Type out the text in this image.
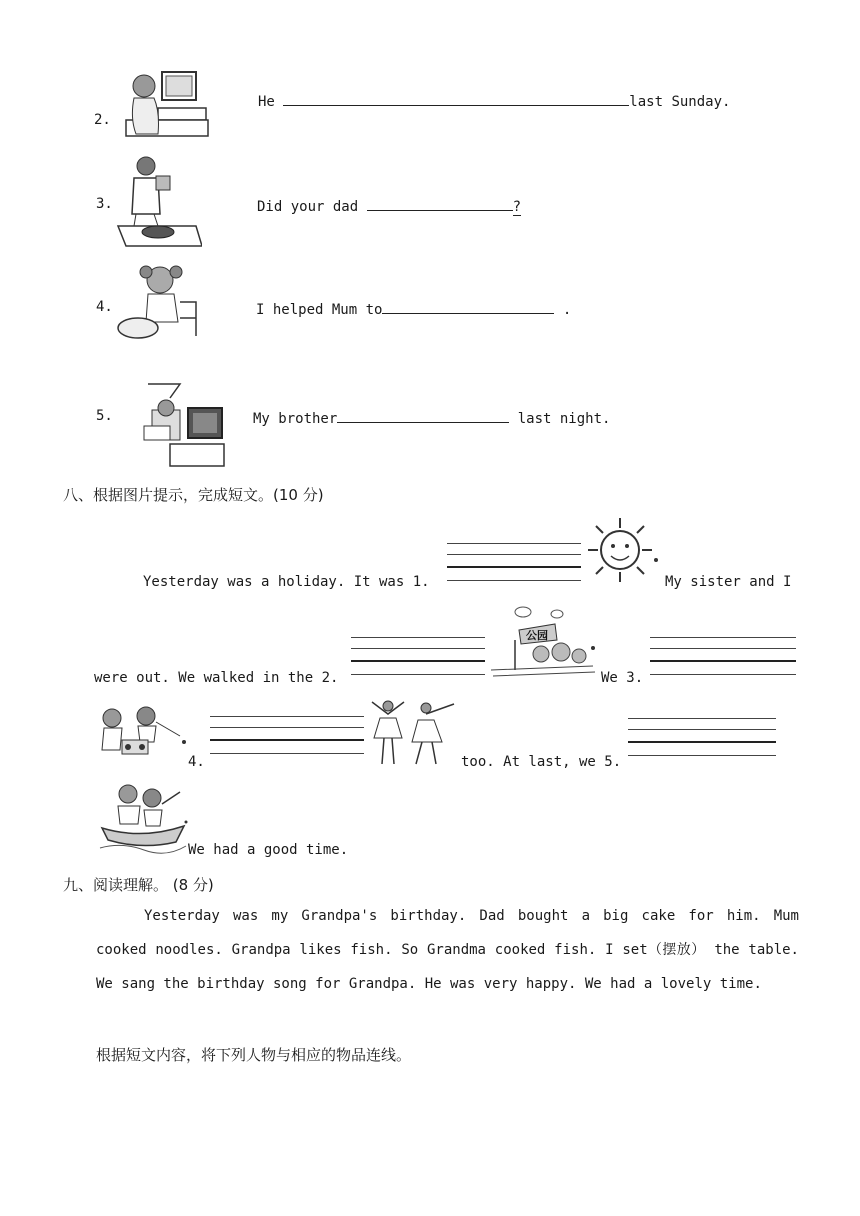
2.
He	last Sunday.
3.	Did your dad	?
4.	I helped Mum to	.
5.	My brother	last night.
八、根据图片提示，完成短文。(10 分)
Yesterday was a holiday. It was 1.	My sister and I
were out. We walked in the 2.
公园
We 3.
4.	too. At last, we 5.
We had a good time.
九、阅读理解。 (8 分)
Yesterday was my Grandpa's birthday. Dad bought a big cake for him. Mum cooked noodles. Grandpa likes fish. So Grandma cooked fish. I set（摆放） the table. We sang the birthday song for Grandpa. He was very happy. We had a lovely time.
根据短文内容，将下列人物与相应的物品连线。
